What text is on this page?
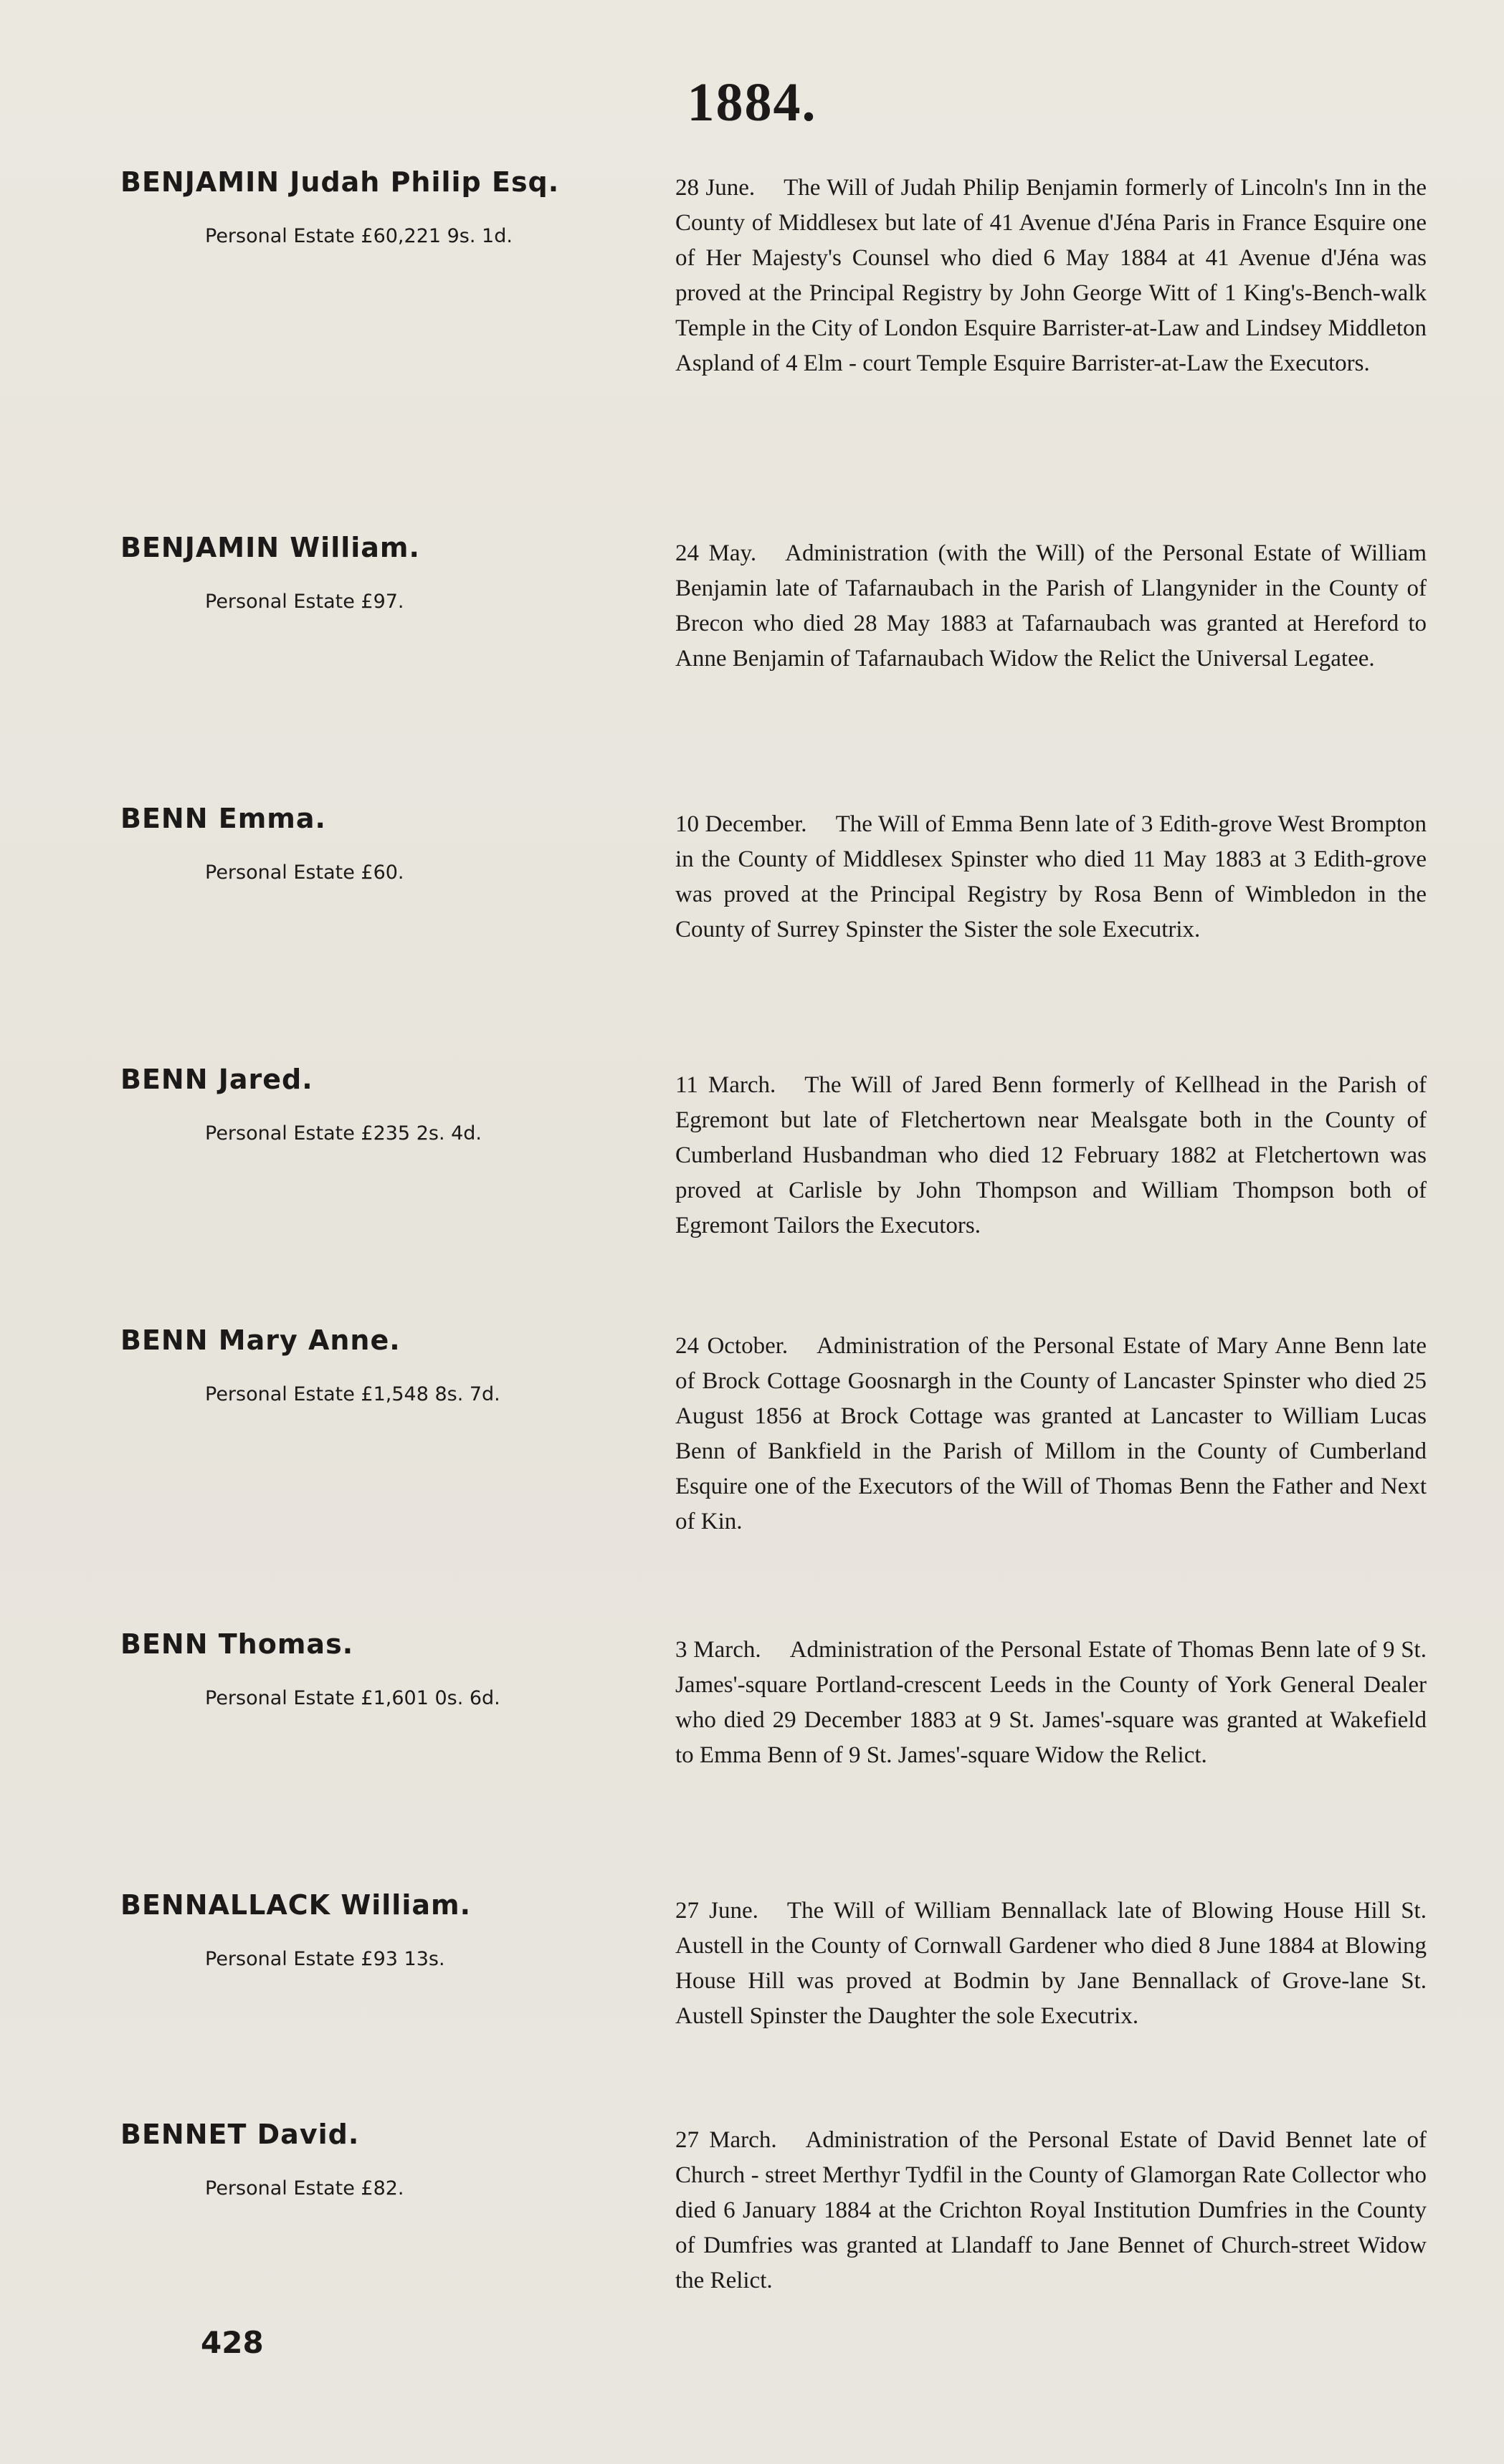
1884.
BENJAMIN Judah Philip Esq.
Personal Estate £60,221 9s. 1d.
28 June. The Will of Judah Philip Benjamin formerly of Lincoln's Inn in the County of Middlesex but late of 41 Avenue d'Jéna Paris in France Esquire one of Her Majesty's Counsel who died 6 May 1884 at 41 Avenue d'Jéna was proved at the Principal Registry by John George Witt of 1 King's-Bench-walk Temple in the City of London Esquire Barrister-at-Law and Lindsey Middleton Aspland of 4 Elm - court Temple Esquire Barrister-at-Law the Executors.
BENJAMIN William.
Personal Estate £97.
24 May. Administration (with the Will) of the Personal Estate of William Benjamin late of Tafarnaubach in the Parish of Llangynider in the County of Brecon who died 28 May 1883 at Tafarnaubach was granted at Hereford to Anne Benjamin of Tafarnaubach Widow the Relict the Universal Legatee.
BENN Emma.
Personal Estate £60.
10 December. The Will of Emma Benn late of 3 Edith-grove West Brompton in the County of Middlesex Spinster who died 11 May 1883 at 3 Edith-grove was proved at the Principal Registry by Rosa Benn of Wimbledon in the County of Surrey Spinster the Sister the sole Executrix.
BENN Jared.
Personal Estate £235 2s. 4d.
11 March. The Will of Jared Benn formerly of Kellhead in the Parish of Egremont but late of Fletchertown near Mealsgate both in the County of Cumberland Husbandman who died 12 February 1882 at Fletchertown was proved at Carlisle by John Thompson and William Thompson both of Egremont Tailors the Executors.
BENN Mary Anne.
Personal Estate £1,548 8s. 7d.
24 October. Administration of the Personal Estate of Mary Anne Benn late of Brock Cottage Goosnargh in the County of Lancaster Spinster who died 25 August 1856 at Brock Cottage was granted at Lancaster to William Lucas Benn of Bankfield in the Parish of Millom in the County of Cumberland Esquire one of the Executors of the Will of Thomas Benn the Father and Next of Kin.
BENN Thomas.
Personal Estate £1,601 0s. 6d.
3 March. Administration of the Personal Estate of Thomas Benn late of 9 St. James'-square Portland-crescent Leeds in the County of York General Dealer who died 29 December 1883 at 9 St. James'-square was granted at Wakefield to Emma Benn of 9 St. James'-square Widow the Relict.
BENNALLACK William.
Personal Estate £93 13s.
27 June. The Will of William Bennallack late of Blowing House Hill St. Austell in the County of Cornwall Gardener who died 8 June 1884 at Blowing House Hill was proved at Bodmin by Jane Bennallack of Grove-lane St. Austell Spinster the Daughter the sole Executrix.
BENNET David.
Personal Estate £82.
27 March. Administration of the Personal Estate of David Bennet late of Church - street Merthyr Tydfil in the County of Glamorgan Rate Collector who died 6 January 1884 at the Crichton Royal Institution Dumfries in the County of Dumfries was granted at Llandaff to Jane Bennet of Church-street Widow the Relict.
428
